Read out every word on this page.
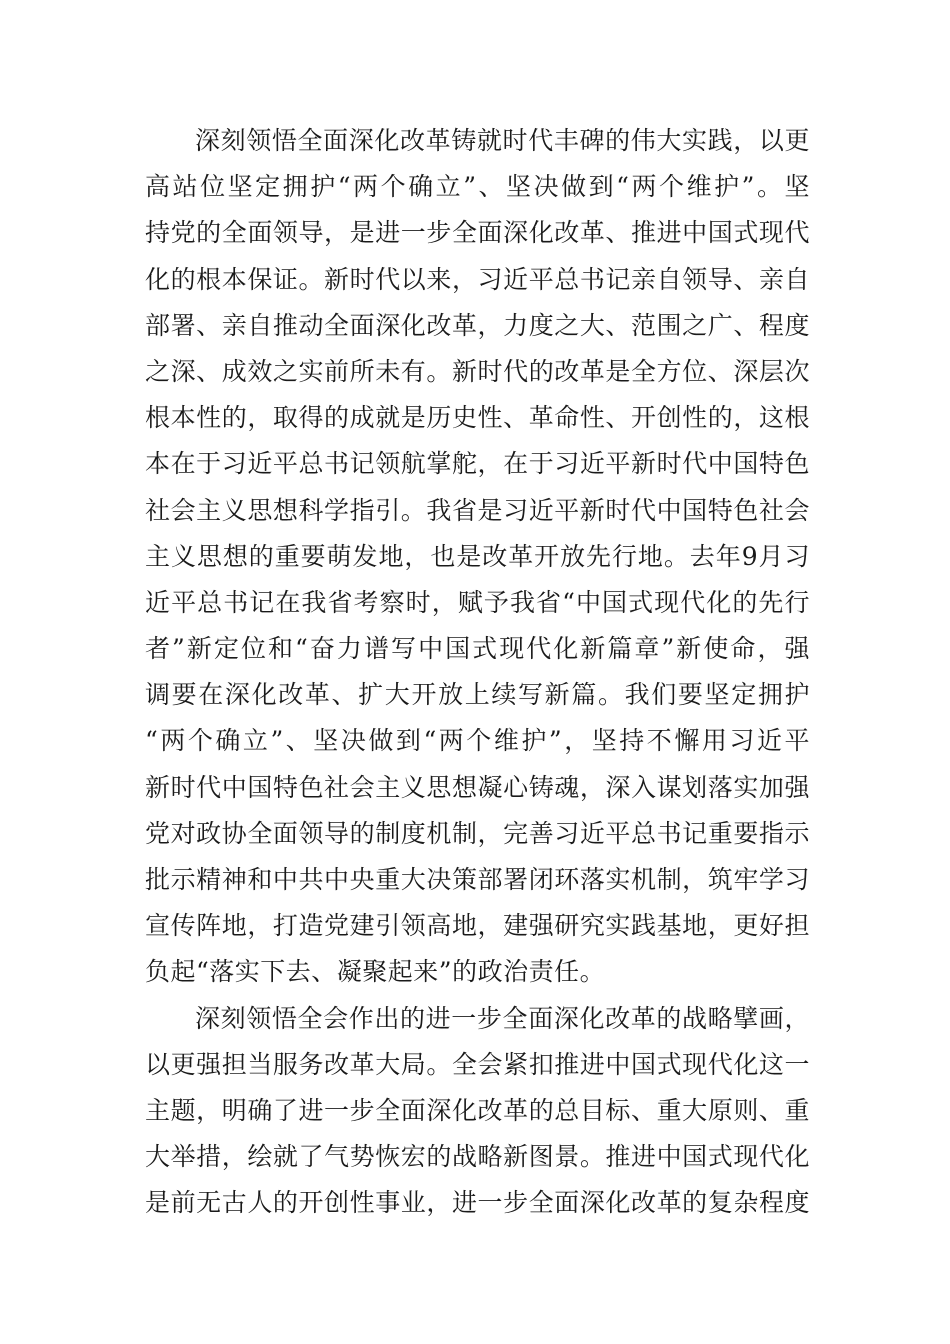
深刻领悟全面深化改革铸就时代丰碑的伟大实践，以更
高站位坚定拥护“两个确立”、坚决做到“两个维护”。坚
持党的全面领导，是进一步全面深化改革、推进中国式现代
化的根本保证。新时代以来，习近平总书记亲自领导、亲自
部署、亲自推动全面深化改革，力度之大、范围之广、程度
之深、成效之实前所未有。新时代的改革是全方位、深层次
根本性的，取得的成就是历史性、革命性、开创性的，这根
本在于习近平总书记领航掌舵，在于习近平新时代中国特色
社会主义思想科学指引。我省是习近平新时代中国特色社会
主义思想的重要萌发地，也是改革开放先行地。去年9月习
近平总书记在我省考察时，赋予我省“中国式现代化的先行
者”新定位和“奋力谱写中国式现代化新篇章”新使命，强
调要在深化改革、扩大开放上续写新篇。我们要坚定拥护
“两个确立”、坚决做到“两个维护”，坚持不懈用习近平
新时代中国特色社会主义思想凝心铸魂，深入谋划落实加强
党对政协全面领导的制度机制，完善习近平总书记重要指示
批示精神和中共中央重大决策部署闭环落实机制，筑牢学习
宣传阵地，打造党建引领高地，建强研究实践基地，更好担
负起“落实下去、凝聚起来”的政治责任。
深刻领悟全会作出的进一步全面深化改革的战略擘画，
以更强担当服务改革大局。全会紧扣推进中国式现代化这一
主题，明确了进一步全面深化改革的总目标、重大原则、重
大举措，绘就了气势恢宏的战略新图景。推进中国式现代化
是前无古人的开创性事业，进一步全面深化改革的复杂程度
